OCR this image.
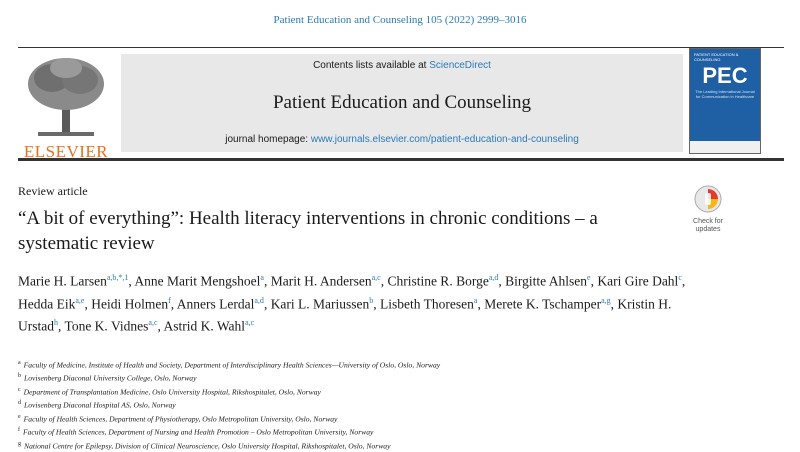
Patient Education and Counseling 105 (2022) 2999–3016
ELSEVIER
Contents lists available at ScienceDirect
Patient Education and Counseling
journal homepage: www.journals.elsevier.com/patient-education-and-counseling
PATIENT EDUCATION & COUNSELING
PEC
The Leading International Journal for Communication in Healthcare
Review article
“A bit of everything”: Health literacy interventions in chronic conditions – a systematic review
Check for
updates
Marie H. Larsen$^{a,b,*,1}$, Anne Marit Mengshoel$^a$, Marit H. Andersen$^{a,c}$, Christine R. Borge$^{a,d}$, Birgitte Ahlsen$^e$, Kari Gire Dahl$^c$, Hedda Eik$^{a,e}$, Heidi Holmen$^f$, Anners Lerdal$^{a,d}$, Kari L. Mariussen$^b$, Lisbeth Thoresen$^a$, Merete K. Tschamper$^{a,g}$, Kristin H. Urstad$^h$, Tone K. Vidnes$^{a,c}$, Astrid K. Wahl$^{a,c}$
$^a$ Faculty of Medicine, Institute of Health and Society, Department of Interdisciplinary Health Sciences—University of Oslo, Oslo, Norway
$^b$ Lovisenberg Diaconal University College, Oslo, Norway
$^c$ Department of Transplantation Medicine, Oslo University Hospital, Rikshospitalet, Oslo, Norway
$^d$ Lovisenberg Diaconal Hospital AS, Oslo, Norway
$^e$ Faculty of Health Sciences, Department of Physiotherapy, Oslo Metropolitan University, Oslo, Norway
$^f$ Faculty of Health Sciences, Department of Nursing and Health Promotion – Oslo Metropolitan University, Norway
$^g$ National Centre for Epilepsy, Division of Clinical Neuroscience, Oslo University Hospital, Rikshospitalet, Oslo, Norway
